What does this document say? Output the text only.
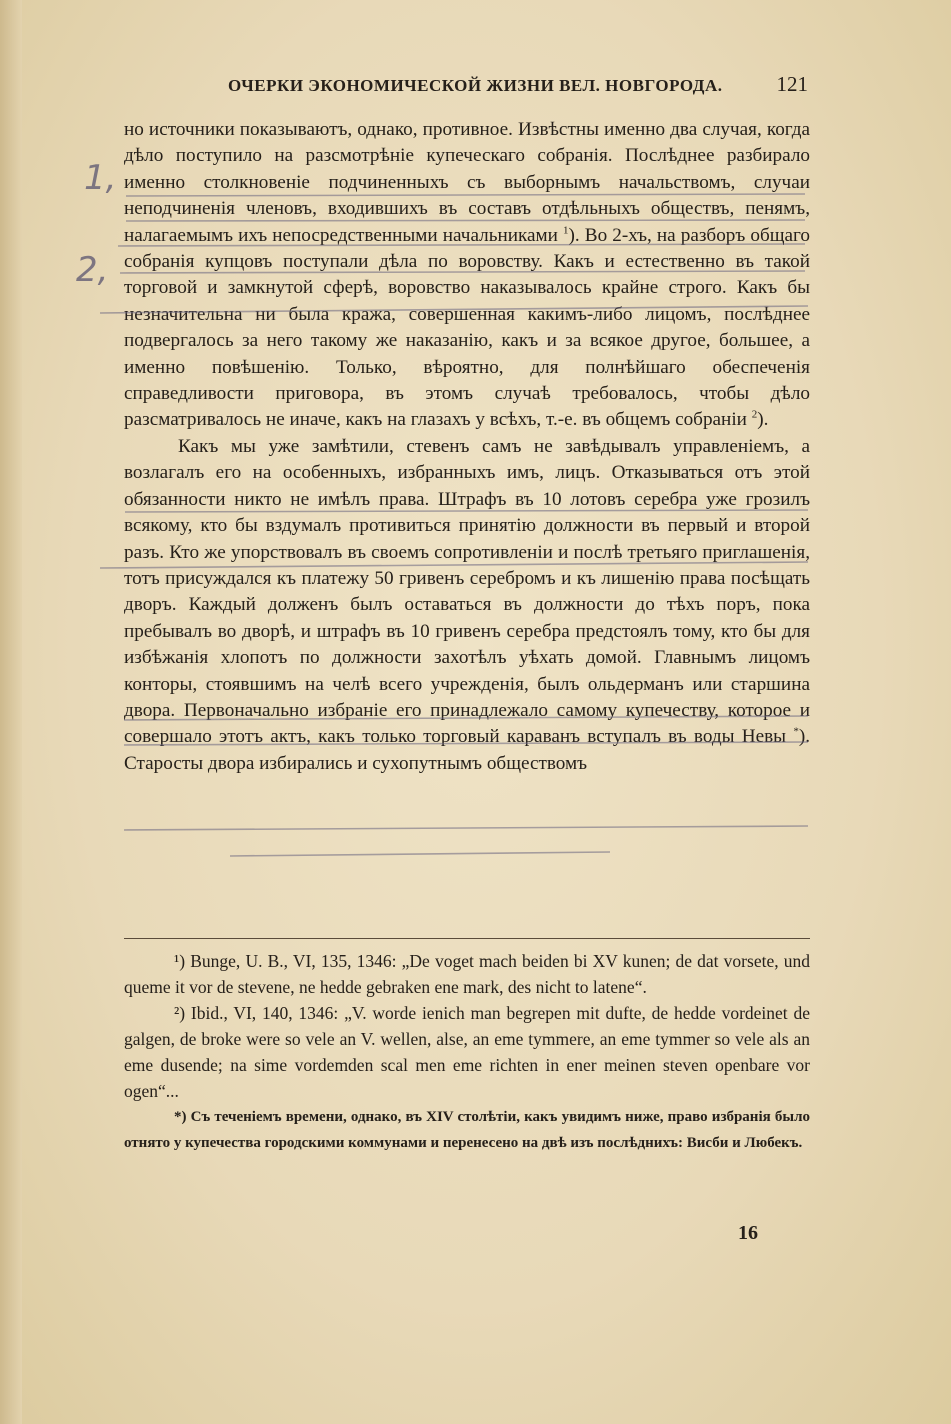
ОЧЕРКИ ЭКОНОМИЧЕСКОЙ ЖИЗНИ ВЕЛ. НОВГОРОДА.	121
1,
2,

но источники показываютъ, однако, противное. Извѣстны именно два случая, когда дѣло поступило на разсмотрѣніе купеческаго собранія. Послѣднее разбирало именно столкновеніе подчиненныхъ съ выборнымъ начальствомъ, случаи неподчиненія членовъ, входившихъ въ составъ отдѣльныхъ обществъ, пенямъ, налагаемымъ ихъ непосредственными начальниками $^1$). Во 2-хъ, на разборъ общаго собранія купцовъ поступали дѣла по воровству. Какъ и естественно въ такой торговой и замкнутой сферѣ, воровство наказывалось крайне строго. Какъ бы незначительна ни была кража, совершенная какимъ-либо лицомъ, послѣднее подвергалось за него такому же наказанію, какъ и за всякое другое, большее, а именно повѣшенію. Только, вѣроятно, для полнѣйшаго обеспеченія справедливости приговора, въ этомъ случаѣ требовалось, чтобы дѣло разсматривалось не иначе, какъ на глазахъ у всѣхъ, т.-е. въ общемъ собраніи $^2$).

Какъ мы уже замѣтили, стевенъ самъ не завѣдывалъ управленіемъ, а возлагалъ его на особенныхъ, избранныхъ имъ, лицъ. Отказываться отъ этой обязанности никто не имѣлъ права. Штрафъ въ 10 лотовъ серебра уже грозилъ всякому, кто бы вздумалъ противиться принятію должности въ первый и второй разъ. Кто же упорствовалъ въ своемъ сопротивленіи и послѣ третьяго приглашенія, тотъ присуждался къ платежу 50 гривенъ серебромъ и къ лишенію права посѣщать дворъ. Каждый долженъ былъ оставаться въ должности до тѣхъ поръ, пока пребывалъ во дворѣ, и штрафъ въ 10 гривенъ серебра предстоялъ тому, кто бы для избѣжанія хлопотъ по должности захотѣлъ уѣхать домой. Главнымъ лицомъ конторы, стоявшимъ на челѣ всего учрежденія, былъ ольдерманъ или старшина двора. Первоначально избраніе его принадлежало самому купечеству, которое и совершало этотъ актъ, какъ только торговый караванъ вступалъ въ воды Невы *). Старосты двора избирались и сухопутнымъ обществомъ

¹) Bunge, U. B., VI, 135, 1346: „De voget mach beiden bi XV kunen; de dat vorsete, und queme it vor de stevene, ne hedde gebraken ene mark, des nicht to latene“.

²) Ibid., VI, 140, 1346: „V. worde ienich man begrepen mit duftе, de hedde vordeinet de galgen, de broke were so vele an V. wellen, alse, an eme tymmere, an eme tymmer so vele als an eme dusende; na sime vordemden scal men eme richten in ener meinen steven openbare vor ogen“...

*) Съ теченіемъ времени, однако, въ XIV столѣтіи, какъ увидимъ ниже, право избранія было отнято у купечества городскими коммунами и перенесено на двѣ изъ послѣднихъ: Висби и Любекъ.

16
